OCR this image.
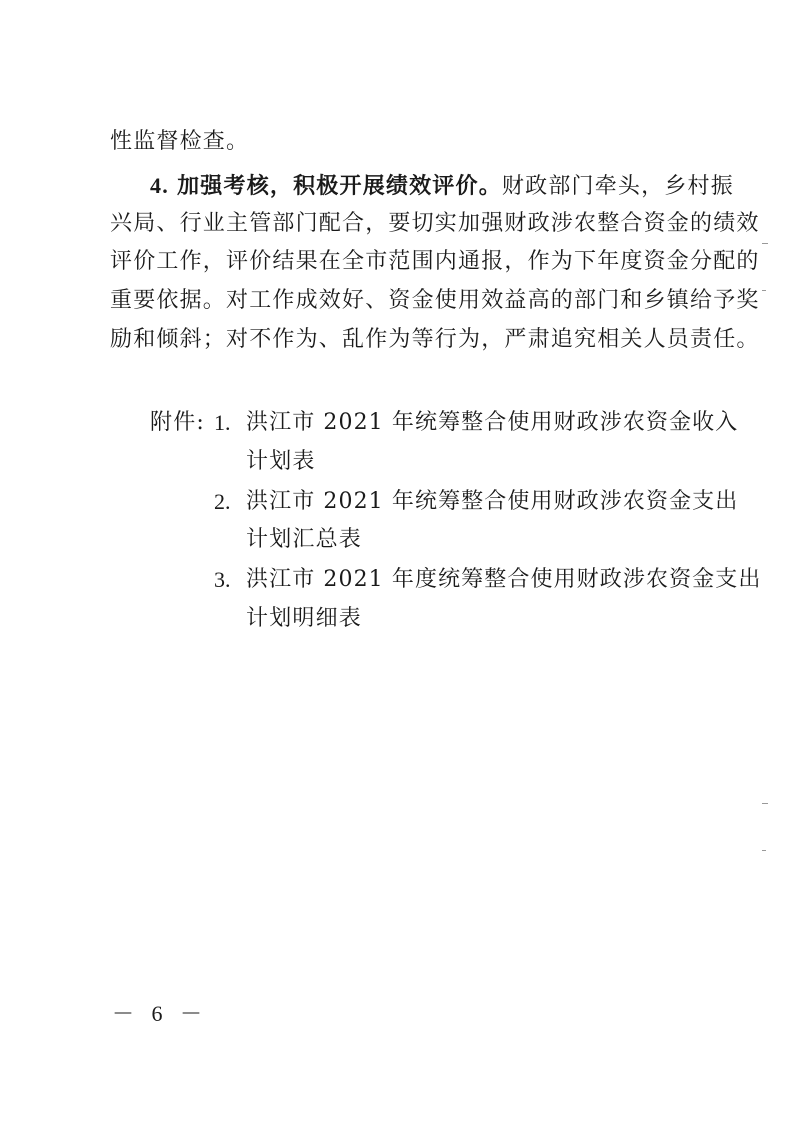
性监督检查。
4. 加强考核，积极开展绩效评价。财政部门牵头，乡村振
兴局、行业主管部门配合，要切实加强财政涉农整合资金的绩效
评价工作，评价结果在全市范围内通报，作为下年度资金分配的
重要依据。对工作成效好、资金使用效益高的部门和乡镇给予奖
励和倾斜；对不作为、乱作为等行为，严肃追究相关人员责任。
附件: 1. 洪江市 2021 年统筹整合使用财政涉农资金收入
计划表
2. 洪江市 2021 年统筹整合使用财政涉农资金支出
计划汇总表
3. 洪江市 2021 年度统筹整合使用财政涉农资金支出
计划明细表
－ 6 －
